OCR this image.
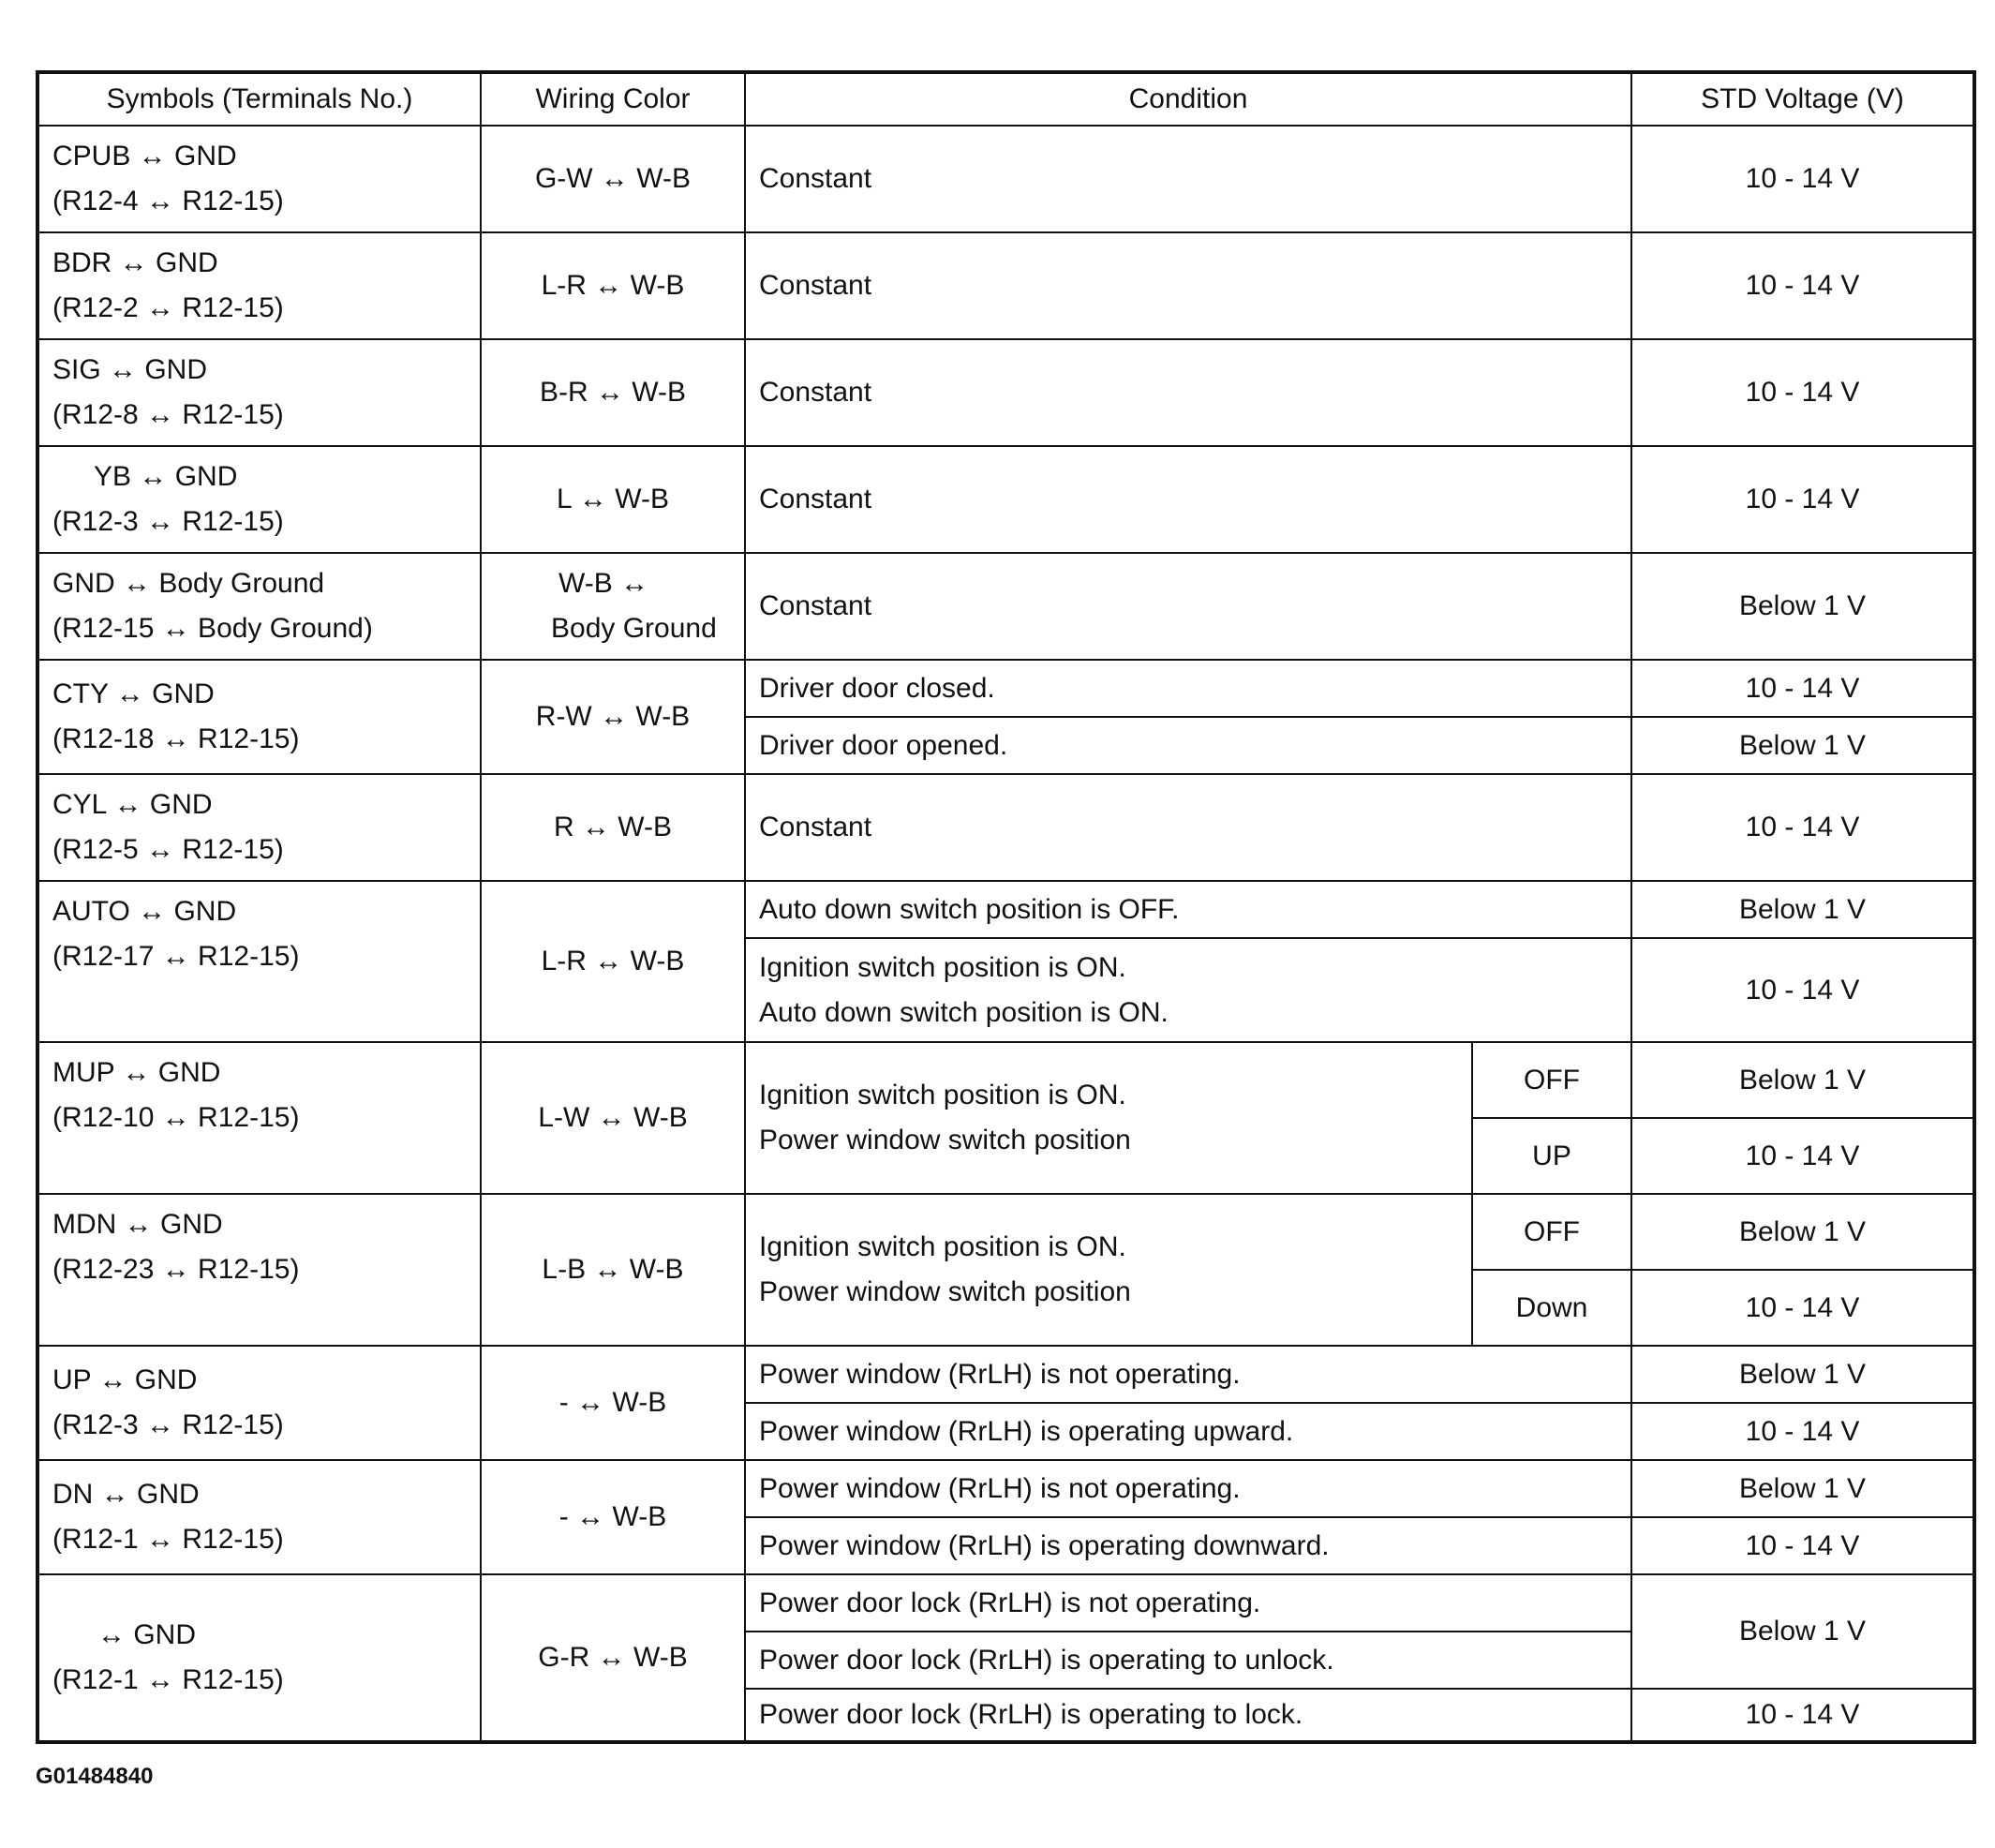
Symbols (Terminals No.)	Wiring Color	Condition		STD Voltage (V)

CPUB ↔ GND
(R12-4 ↔ R12-15)	G-W ↔ W-B	Constant		10 - 14 V

BDR ↔ GND
(R12-2 ↔ R12-15)	L-R ↔ W-B	Constant		10 - 14 V

SIG ↔ GND
(R12-8 ↔ R12-15)	B-R ↔ W-B	Constant		10 - 14 V

YB ↔ GND
(R12-3 ↔ R12-15)	L ↔ W-B	Constant		10 - 14 V

GND ↔ Body Ground
(R12-15 ↔ Body Ground)	W-B ↔
Body Ground	Constant		Below 1 V

CTY ↔ GND
(R12-18 ↔ R12-15)	R-W ↔ W-B	Driver door closed.		10 - 14 V
		Driver door opened.		Below 1 V

CYL ↔ GND
(R12-5 ↔ R12-15)	R ↔ W-B	Constant		10 - 14 V

AUTO ↔ GND
(R12-17 ↔ R12-15)	L-R ↔ W-B	Auto down switch position is OFF.		Below 1 V

		Ignition switch position is ON.
Auto down switch position is ON.		10 - 14 V

MUP ↔ GND
(R12-10 ↔ R12-15)	L-W ↔ W-B	Ignition switch position is ON.
Power window switch position	OFF	Below 1 V
			UP	10 - 14 V

MDN ↔ GND
(R12-23 ↔ R12-15)	L-B ↔ W-B	Ignition switch position is ON.
Power window switch position	OFF	Below 1 V
			Down	10 - 14 V

UP ↔ GND
(R12-3 ↔ R12-15)	- ↔ W-B	Power window (RrLH) is not operating.		Below 1 V
		Power window (RrLH) is operating upward.		10 - 14 V

DN ↔ GND
(R12-1 ↔ R12-15)	- ↔ W-B	Power window (RrLH) is not operating.		Below 1 V
		Power window (RrLH) is operating downward.		10 - 14 V

↔ GND
(R12-1 ↔ R12-15)	G-R ↔ W-B	Power door lock (RrLH) is not operating.		Below 1 V
		Power door lock (RrLH) is operating to unlock.		
		Power door lock (RrLH) is operating to lock.		10 - 14 V
G01484840
